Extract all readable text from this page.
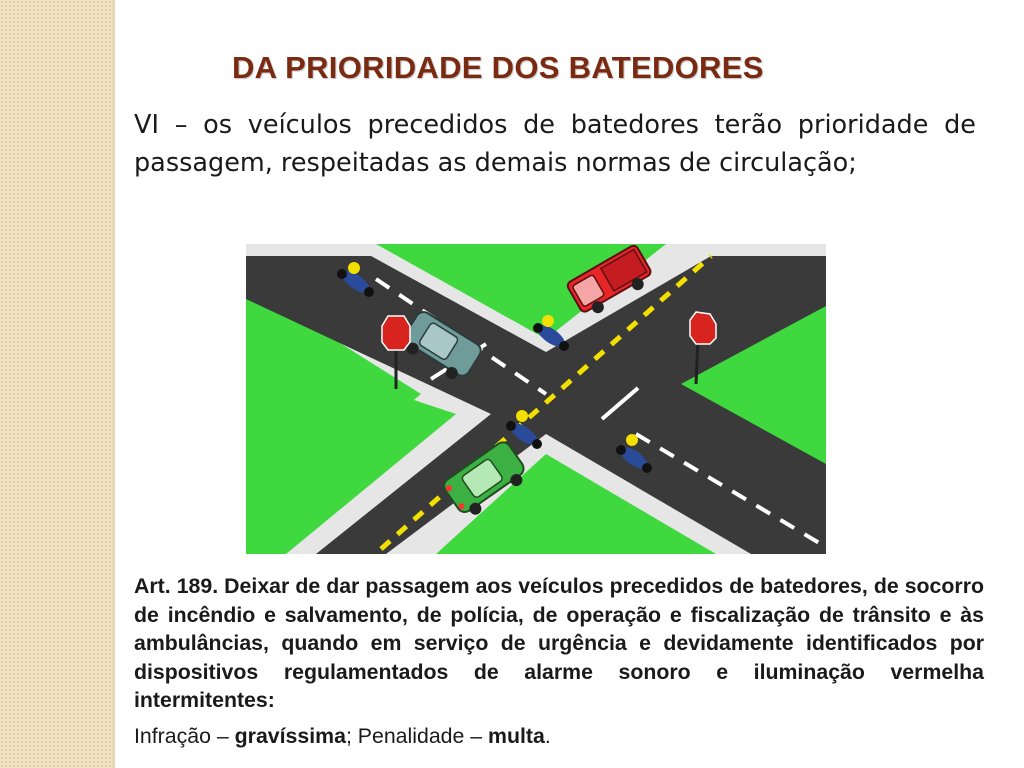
DA PRIORIDADE DOS BATEDORES
VI – os veículos precedidos de batedores terão prioridade de passagem, respeitadas as demais normas de circulação;
Art. 189. Deixar de dar passagem aos veículos precedidos de batedores, de socorro de incêndio e salvamento, de polícia, de operação e fiscalização de trânsito e às ambulâncias, quando em serviço de urgência e devidamente identificados por dispositivos regulamentados de alarme sonoro e iluminação vermelha intermitentes:
Infração – gravíssima; Penalidade – multa.
